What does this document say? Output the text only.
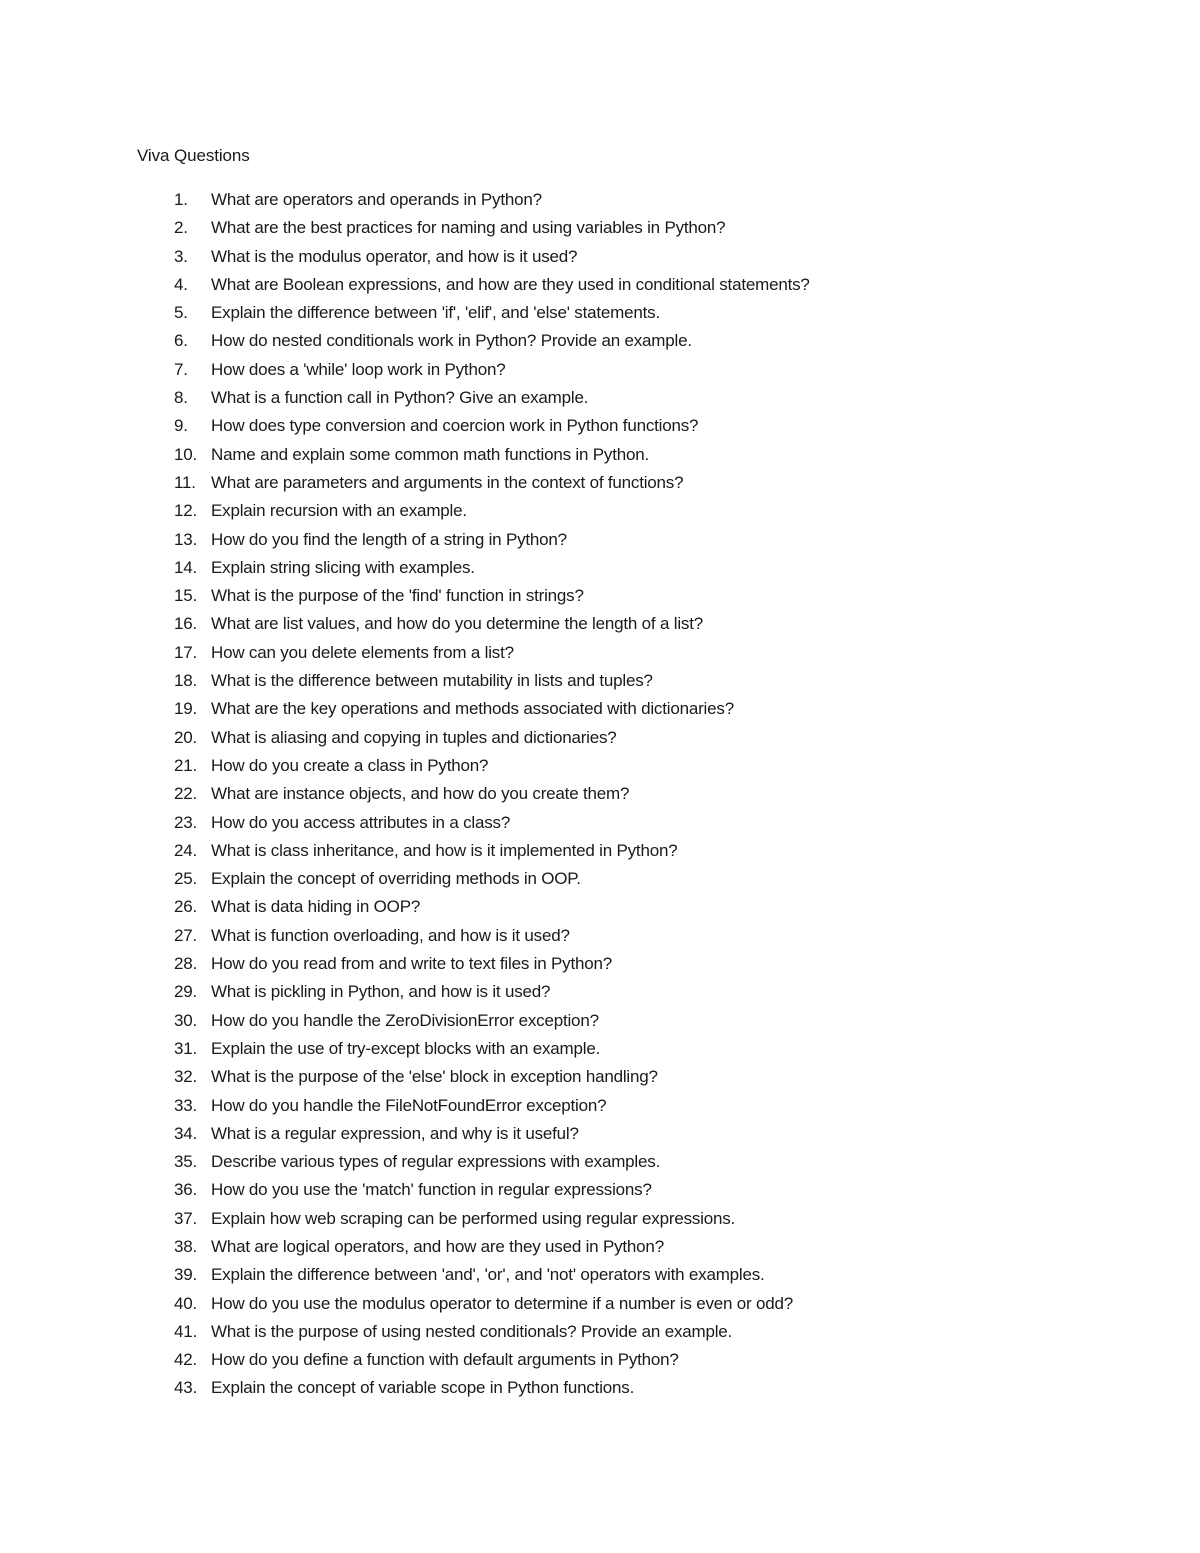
Viva Questions
1.	What are operators and operands in Python?
2.	What are the best practices for naming and using variables in Python?
3.	What is the modulus operator, and how is it used?
4.	What are Boolean expressions, and how are they used in conditional statements?
5.	Explain the difference between 'if', 'elif', and 'else' statements.
6.	How do nested conditionals work in Python? Provide an example.
7.	How does a 'while' loop work in Python?
8.	What is a function call in Python? Give an example.
9.	How does type conversion and coercion work in Python functions?
10. Name and explain some common math functions in Python.
11. What are parameters and arguments in the context of functions?
12. Explain recursion with an example.
13. How do you find the length of a string in Python?
14. Explain string slicing with examples.
15. What is the purpose of the 'find' function in strings?
16. What are list values, and how do you determine the length of a list?
17. How can you delete elements from a list?
18. What is the difference between mutability in lists and tuples?
19. What are the key operations and methods associated with dictionaries?
20. What is aliasing and copying in tuples and dictionaries?
21. How do you create a class in Python?
22. What are instance objects, and how do you create them?
23. How do you access attributes in a class?
24. What is class inheritance, and how is it implemented in Python?
25. Explain the concept of overriding methods in OOP.
26. What is data hiding in OOP?
27. What is function overloading, and how is it used?
28. How do you read from and write to text files in Python?
29. What is pickling in Python, and how is it used?
30. How do you handle the ZeroDivisionError exception?
31. Explain the use of try-except blocks with an example.
32. What is the purpose of the 'else' block in exception handling?
33. How do you handle the FileNotFoundError exception?
34. What is a regular expression, and why is it useful?
35. Describe various types of regular expressions with examples.
36. How do you use the 'match' function in regular expressions?
37. Explain how web scraping can be performed using regular expressions.
38. What are logical operators, and how are they used in Python?
39. Explain the difference between 'and', 'or', and 'not' operators with examples.
40. How do you use the modulus operator to determine if a number is even or odd?
41. What is the purpose of using nested conditionals? Provide an example.
42. How do you define a function with default arguments in Python?
43. Explain the concept of variable scope in Python functions.
